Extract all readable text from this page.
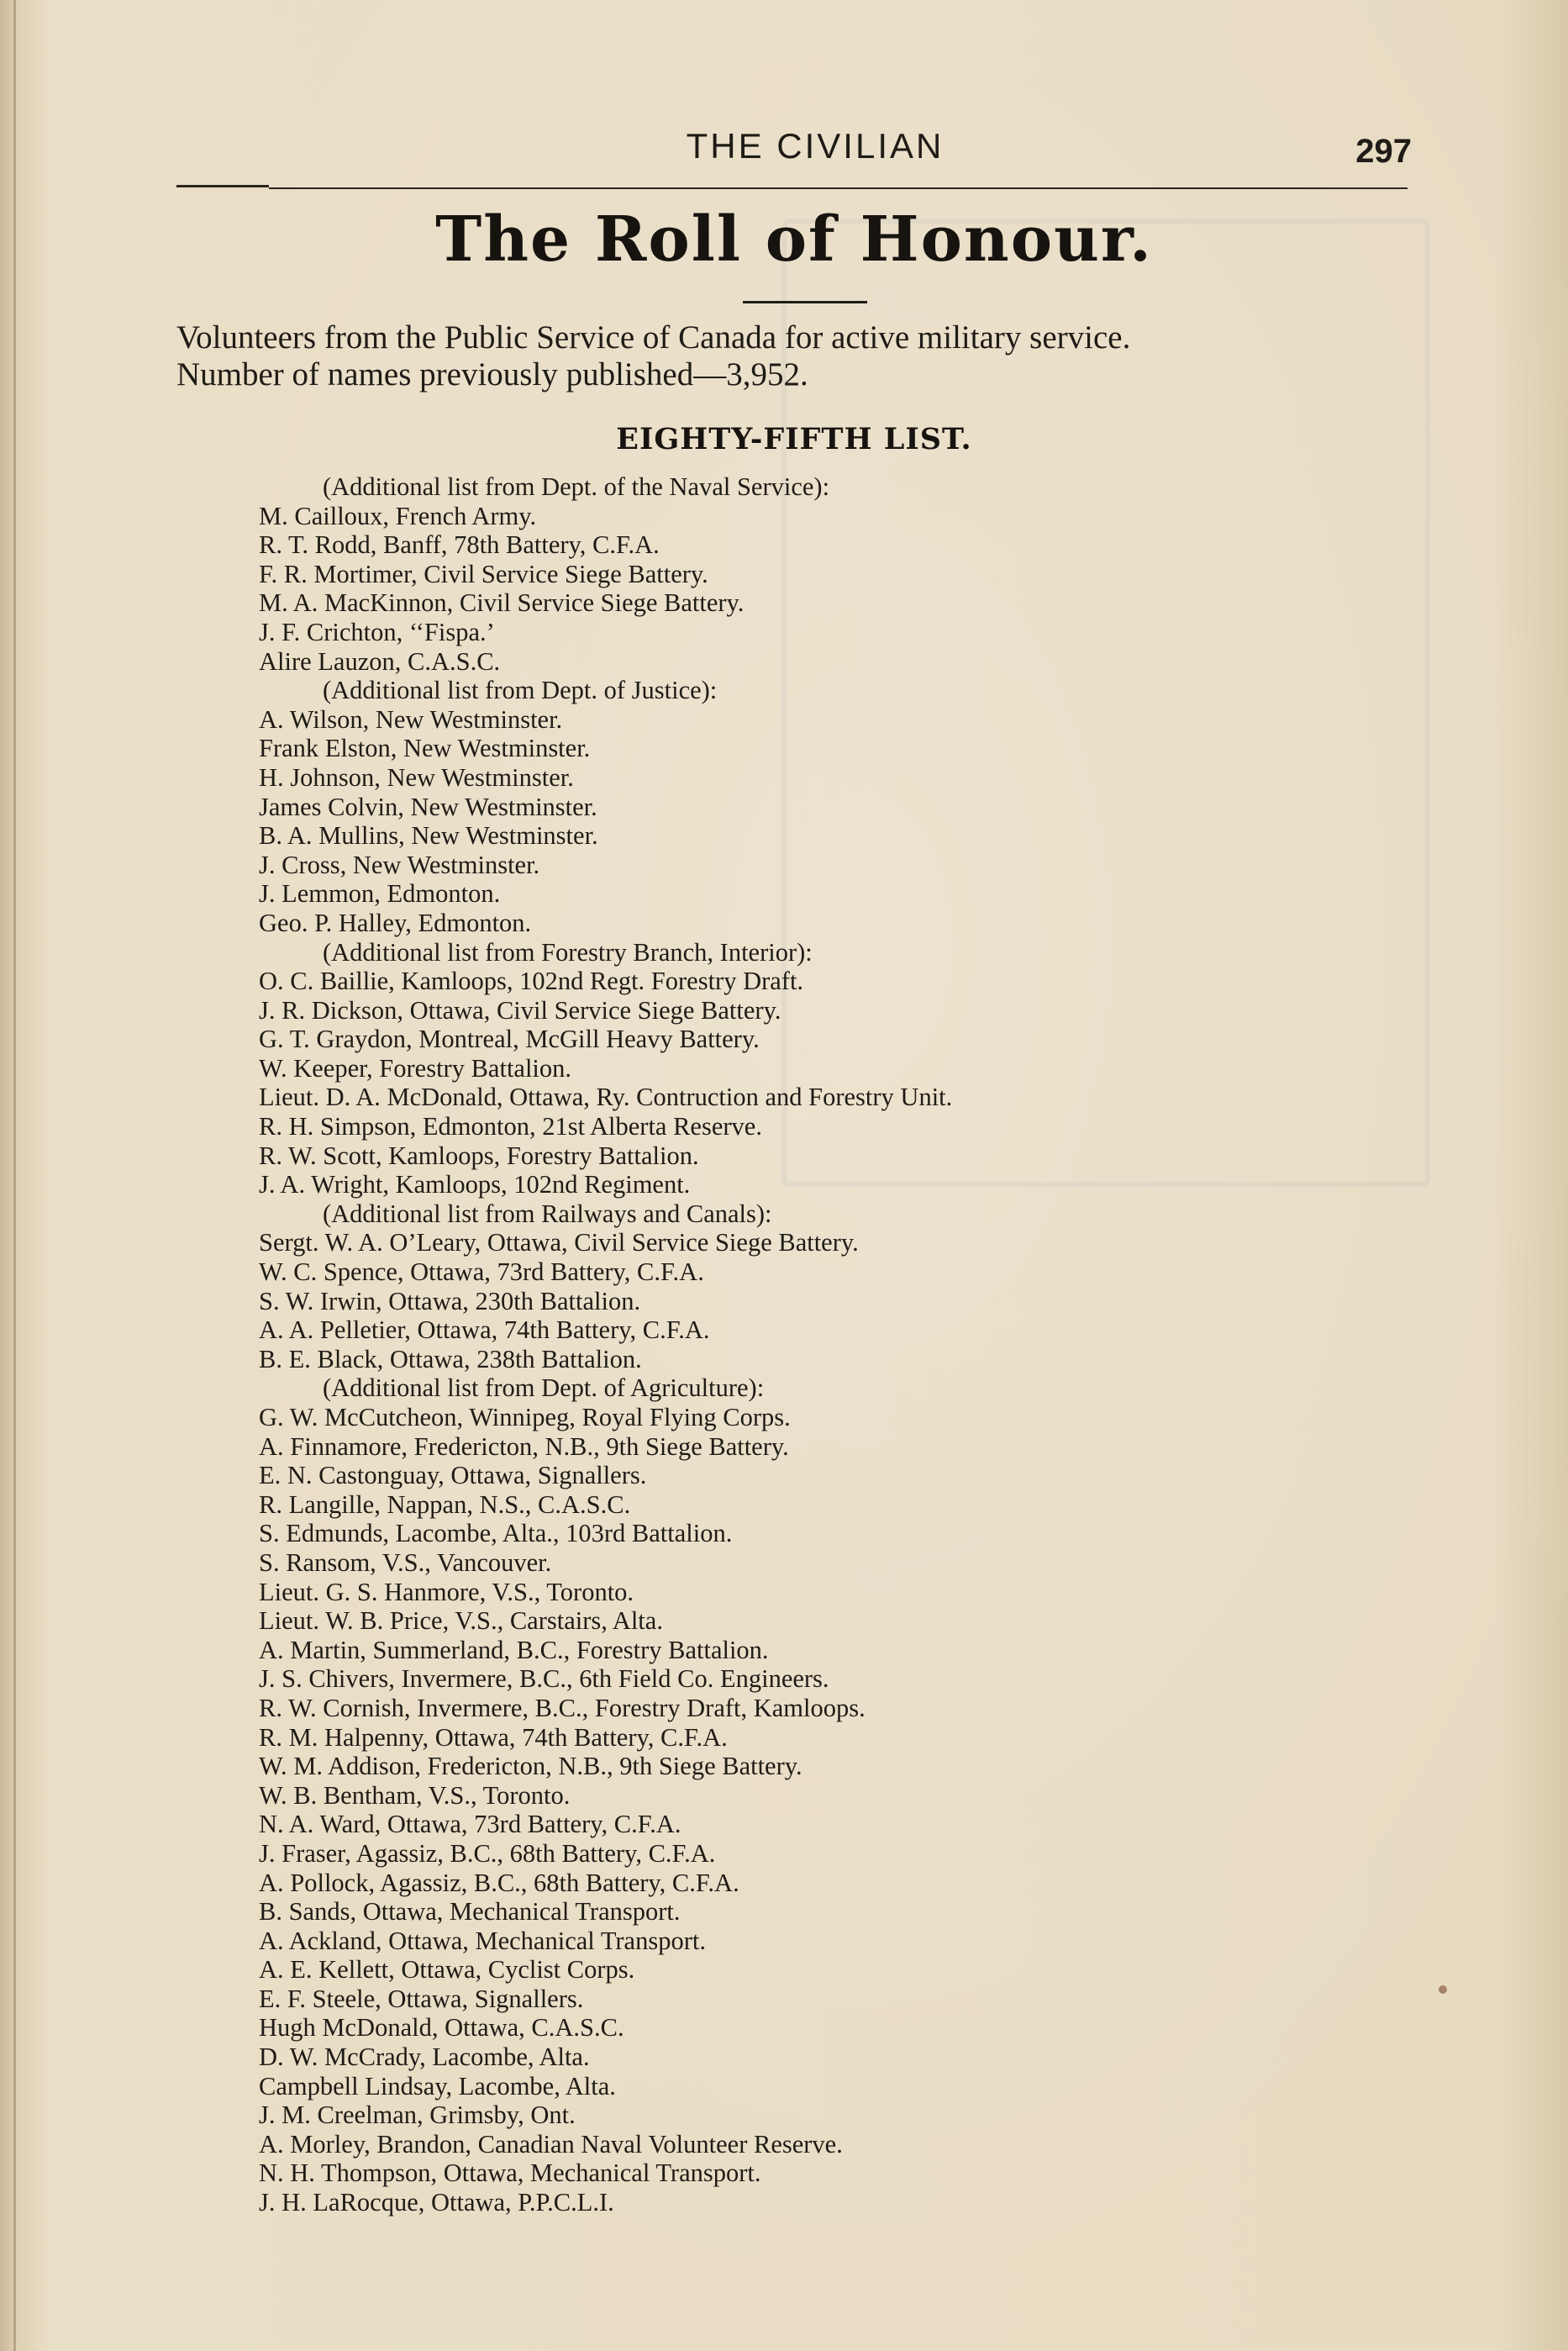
THE CIVILIAN	297
The Roll of Honour.
Volunteers from the Public Service of Canada for active military service.
Number of names previously published—3,952.
EIGHTY-FIFTH LIST.
(Additional list from Dept. of the Naval Service):
M. Cailloux, French Army.
R. T. Rodd, Banff, 78th Battery, C.F.A.
F. R. Mortimer, Civil Service Siege Battery.
M. A. MacKinnon, Civil Service Siege Battery.
J. F. Crichton, ‘‘Fispa.’
Alire Lauzon, C.A.S.C.
(Additional list from Dept. of Justice):
A. Wilson, New Westminster.
Frank Elston, New Westminster.
H. Johnson, New Westminster.
James Colvin, New Westminster.
B. A. Mullins, New Westminster.
J. Cross, New Westminster.
J. Lemmon, Edmonton.
Geo. P. Halley, Edmonton.
(Additional list from Forestry Branch, Interior):
O. C. Baillie, Kamloops, 102nd Regt. Forestry Draft.
J. R. Dickson, Ottawa, Civil Service Siege Battery.
G. T. Graydon, Montreal, McGill Heavy Battery.
W. Keeper, Forestry Battalion.
Lieut. D. A. McDonald, Ottawa, Ry. Contruction and Forestry Unit.
R. H. Simpson, Edmonton, 21st Alberta Reserve.
R. W. Scott, Kamloops, Forestry Battalion.
J. A. Wright, Kamloops, 102nd Regiment.
(Additional list from Railways and Canals):
Sergt. W. A. O’Leary, Ottawa, Civil Service Siege Battery.
W. C. Spence, Ottawa, 73rd Battery, C.F.A.
S. W. Irwin, Ottawa, 230th Battalion.
A. A. Pelletier, Ottawa, 74th Battery, C.F.A.
B. E. Black, Ottawa, 238th Battalion.
(Additional list from Dept. of Agriculture):
G. W. McCutcheon, Winnipeg, Royal Flying Corps.
A. Finnamore, Fredericton, N.B., 9th Siege Battery.
E. N. Castonguay, Ottawa, Signallers.
R. Langille, Nappan, N.S., C.A.S.C.
S. Edmunds, Lacombe, Alta., 103rd Battalion.
S. Ransom, V.S., Vancouver.
Lieut. G. S. Hanmore, V.S., Toronto.
Lieut. W. B. Price, V.S., Carstairs, Alta.
A. Martin, Summerland, B.C., Forestry Battalion.
J. S. Chivers, Invermere, B.C., 6th Field Co. Engineers.
R. W. Cornish, Invermere, B.C., Forestry Draft, Kamloops.
R. M. Halpenny, Ottawa, 74th Battery, C.F.A.
W. M. Addison, Fredericton, N.B., 9th Siege Battery.
W. B. Bentham, V.S., Toronto.
N. A. Ward, Ottawa, 73rd Battery, C.F.A.
J. Fraser, Agassiz, B.C., 68th Battery, C.F.A.
A. Pollock, Agassiz, B.C., 68th Battery, C.F.A.
B. Sands, Ottawa, Mechanical Transport.
A. Ackland, Ottawa, Mechanical Transport.
A. E. Kellett, Ottawa, Cyclist Corps.
E. F. Steele, Ottawa, Signallers.
Hugh McDonald, Ottawa, C.A.S.C.
D. W. McCrady, Lacombe, Alta.
Campbell Lindsay, Lacombe, Alta.
J. M. Creelman, Grimsby, Ont.
A. Morley, Brandon, Canadian Naval Volunteer Reserve.
N. H. Thompson, Ottawa, Mechanical Transport.
J. H. LaRocque, Ottawa, P.P.C.L.I.
